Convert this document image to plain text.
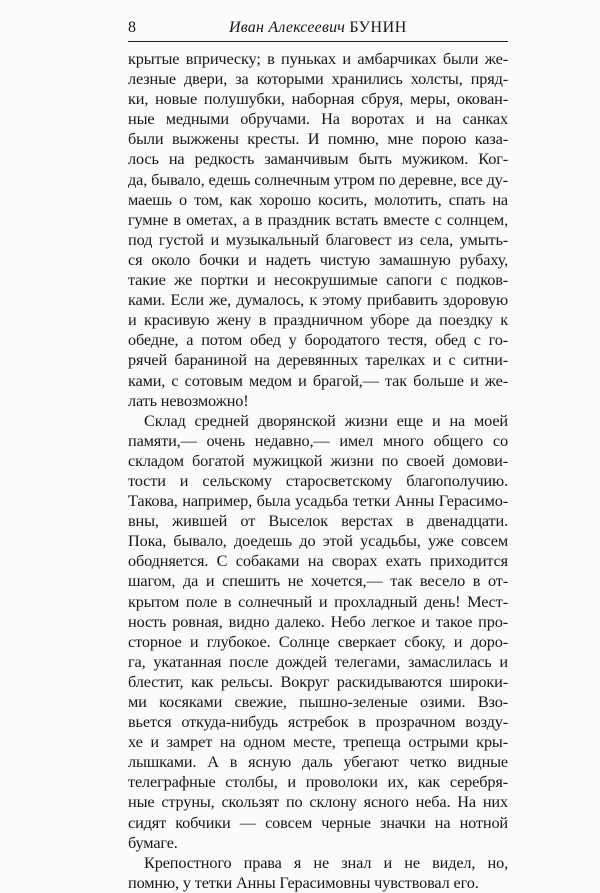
8	Иван Алексеевич БУНИН
крытые вприческу; в пуньках и амбарчиках были же-
лезные двери, за которыми хранились холсты, пряд-
ки, новые полушубки, наборная сбруя, меры, окован-
ные медными обручами. На воротах и на санках
были выжжены кресты. И помню, мне порою каза-
лось на редкость заманчивым быть мужиком. Ког-
да, бывало, едешь солнечным утром по деревне, все ду-
маешь о том, как хорошо косить, молотить, спать на
гумне в ометах, а в праздник встать вместе с солнцем,
под густой и музыкальный благовест из села, умыть-
ся около бочки и надеть чистую замашную рубаху,
такие же портки и несокрушимые сапоги с подков-
ками. Если же, думалось, к этому прибавить здоровую
и красивую жену в праздничном уборе да поездку к
обедне, а потом обед у бородатого тестя, обед с го-
рячей бараниной на деревянных тарелках и с ситни-
ками, с сотовым медом и брагой,— так больше и же-
лать невозможно!
Склад средней дворянской жизни еще и на моей
памяти,— очень недавно,— имел много общего со
складом богатой мужицкой жизни по своей домови-
тости и сельскому старосветскому благополучию.
Такова, например, была усадьба тетки Анны Герасимо-
вны, жившей от Выселок верстах в двенадцати.
Пока, бывало, доедешь до этой усадьбы, уже совсем
ободняется. С собаками на сворах ехать приходится
шагом, да и спешить не хочется,— так весело в от-
крытом поле в солнечный и прохладный день! Мест-
ность ровная, видно далеко. Небо легкое и такое про-
сторное и глубокое. Солнце сверкает сбоку, и доро-
га, укатанная после дождей телегами, замаслилась и
блестит, как рельсы. Вокруг раскидываются широки-
ми косяками свежие, пышно-зеленые озими. Взо-
вьется откуда-нибудь ястребок в прозрачном возду-
хе и замрет на одном месте, трепеща острыми кры-
лышками. А в ясную даль убегают четко видные
телеграфные столбы, и проволоки их, как серебря-
ные струны, скользят по склону ясного неба. На них
сидят кобчики — совсем черные значки на нотной
бумаге.
Крепостного права я не знал и не видел, но,
помню, у тетки Анны Герасимовны чувствовал его.
